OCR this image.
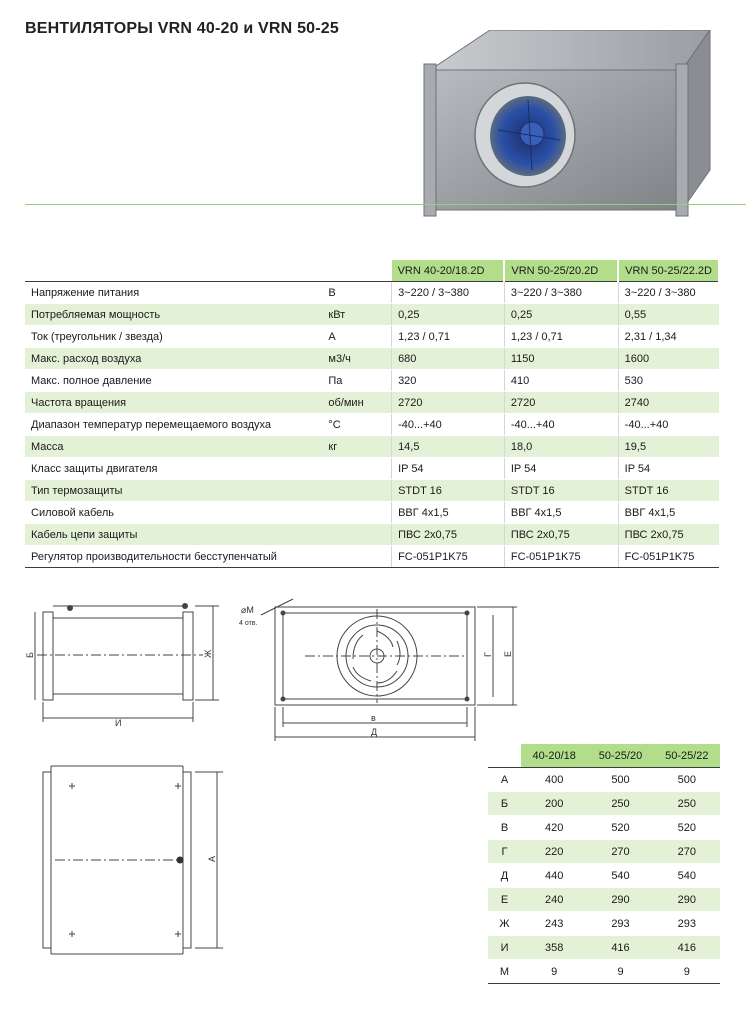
ВЕНТИЛЯТОРЫ VRN 40-20 и VRN 50-25
		VRN 40-20/18.2D	VRN 50-25/20.2D	VRN 50-25/22.2D
Напряжение питания	В	3~220 / 3~380	3~220 / 3~380	3~220 / 3~380
Потребляемая мощность	кВт	0,25	0,25	0,55
Ток (треугольник / звезда)	А	1,23 / 0,71	1,23 / 0,71	2,31 / 1,34
Макс. расход воздуха	м3/ч	680	1150	1600
Макс. полное давление	Па	320	410	530
Частота вращения	об/мин	2720	2720	2740
Диапазон температур перемещаемого воздуха	°С	-40...+40	-40...+40	-40...+40
Масса	кг	14,5	18,0	19,5
Класс защиты двигателя		IP 54	IP 54	IP 54
Тип термозащиты		STDT 16	STDT 16	STDT 16
Силовой кабель		ВВГ 4х1,5	ВВГ 4х1,5	ВВГ 4х1,5
Кабель цепи защиты		ПВС 2х0,75	ПВС 2х0,75	ПВС 2х0,75
Регулятор производительности бесступенчатый		FC-051P1K75	FC-051P1K75	FC-051P1K75
Б	Ж
И
⌀М
4 отв.
Г Е
в
Д
А
	40-20/18	50-25/20	50-25/22
А	400	500	500
Б	200	250	250
В	420	520	520
Г	220	270	270
Д	440	540	540
Е	240	290	290
Ж	243	293	293
И	358	416	416
М	9	9	9
